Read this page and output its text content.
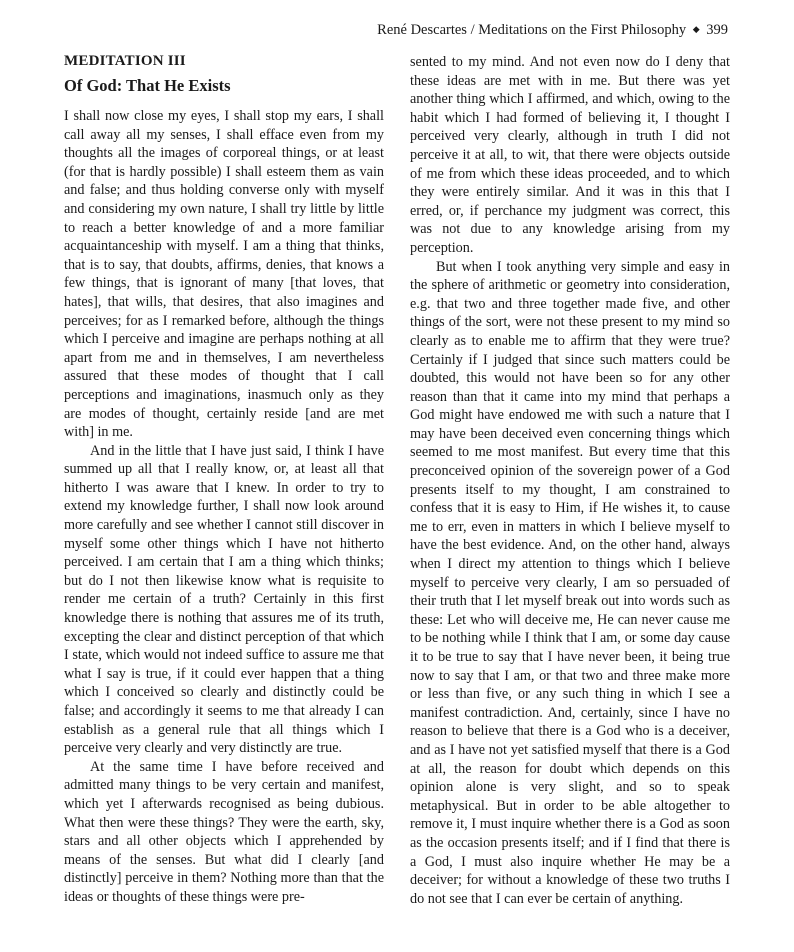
René Descartes / Meditations on the First Philosophy ◆ 399
MEDITATION III
Of God: That He Exists

I shall now close my eyes, I shall stop my ears, I shall call away all my senses, I shall efface even from my thoughts all the images of corporeal things, or at least (for that is hardly possible) I shall esteem them as vain and false; and thus holding converse only with myself and considering my own nature, I shall try little by little to reach a better knowledge of and a more familiar acquaintanceship with myself. I am a thing that thinks, that is to say, that doubts, affirms, denies, that knows a few things, that is ignorant of many [that loves, that hates], that wills, that desires, that also imagines and perceives; for as I remarked before, although the things which I perceive and imagine are perhaps nothing at all apart from me and in themselves, I am nevertheless assured that these modes of thought that I call perceptions and imaginations, inasmuch only as they are modes of thought, certainly reside [and are met with] in me.

And in the little that I have just said, I think I have summed up all that I really know, or, at least all that hitherto I was aware that I knew. In order to try to extend my knowledge further, I shall now look around more carefully and see whether I cannot still discover in myself some other things which I have not hitherto perceived. I am certain that I am a thing which thinks; but do I not then likewise know what is requisite to render me certain of a truth? Certainly in this first knowledge there is nothing that assures me of its truth, excepting the clear and distinct perception of that which I state, which would not indeed suffice to assure me that what I say is true, if it could ever happen that a thing which I conceived so clearly and distinctly could be false; and accordingly it seems to me that already I can establish as a general rule that all things which I perceive very clearly and very distinctly are true.

At the same time I have before received and admitted many things to be very certain and manifest, which yet I afterwards recognised as being dubious. What then were these things? They were the earth, sky, stars and all other objects which I apprehended by means of the senses. But what did I clearly [and distinctly] perceive in them? Nothing more than that the ideas or thoughts of these things were pre-

sented to my mind. And not even now do I deny that these ideas are met with in me. But there was yet another thing which I affirmed, and which, owing to the habit which I had formed of believing it, I thought I perceived very clearly, although in truth I did not perceive it at all, to wit, that there were objects outside of me from which these ideas proceeded, and to which they were entirely similar. And it was in this that I erred, or, if perchance my judgment was correct, this was not due to any knowledge arising from my perception.

But when I took anything very simple and easy in the sphere of arithmetic or geometry into consideration, e.g. that two and three together made five, and other things of the sort, were not these present to my mind so clearly as to enable me to affirm that they were true? Certainly if I judged that since such matters could be doubted, this would not have been so for any other reason than that it came into my mind that perhaps a God might have endowed me with such a nature that I may have been deceived even concerning things which seemed to me most manifest. But every time that this preconceived opinion of the sovereign power of a God presents itself to my thought, I am constrained to confess that it is easy to Him, if He wishes it, to cause me to err, even in matters in which I believe myself to have the best evidence. And, on the other hand, always when I direct my attention to things which I believe myself to perceive very clearly, I am so persuaded of their truth that I let myself break out into words such as these: Let who will deceive me, He can never cause me to be nothing while I think that I am, or some day cause it to be true to say that I have never been, it being true now to say that I am, or that two and three make more or less than five, or any such thing in which I see a manifest contradiction. And, certainly, since I have no reason to believe that there is a God who is a deceiver, and as I have not yet satisfied myself that there is a God at all, the reason for doubt which depends on this opinion alone is very slight, and so to speak metaphysical. But in order to be able altogether to remove it, I must inquire whether there is a God as soon as the occasion presents itself; and if I find that there is a God, I must also inquire whether He may be a deceiver; for without a knowledge of these two truths I do not see that I can ever be certain of anything.
